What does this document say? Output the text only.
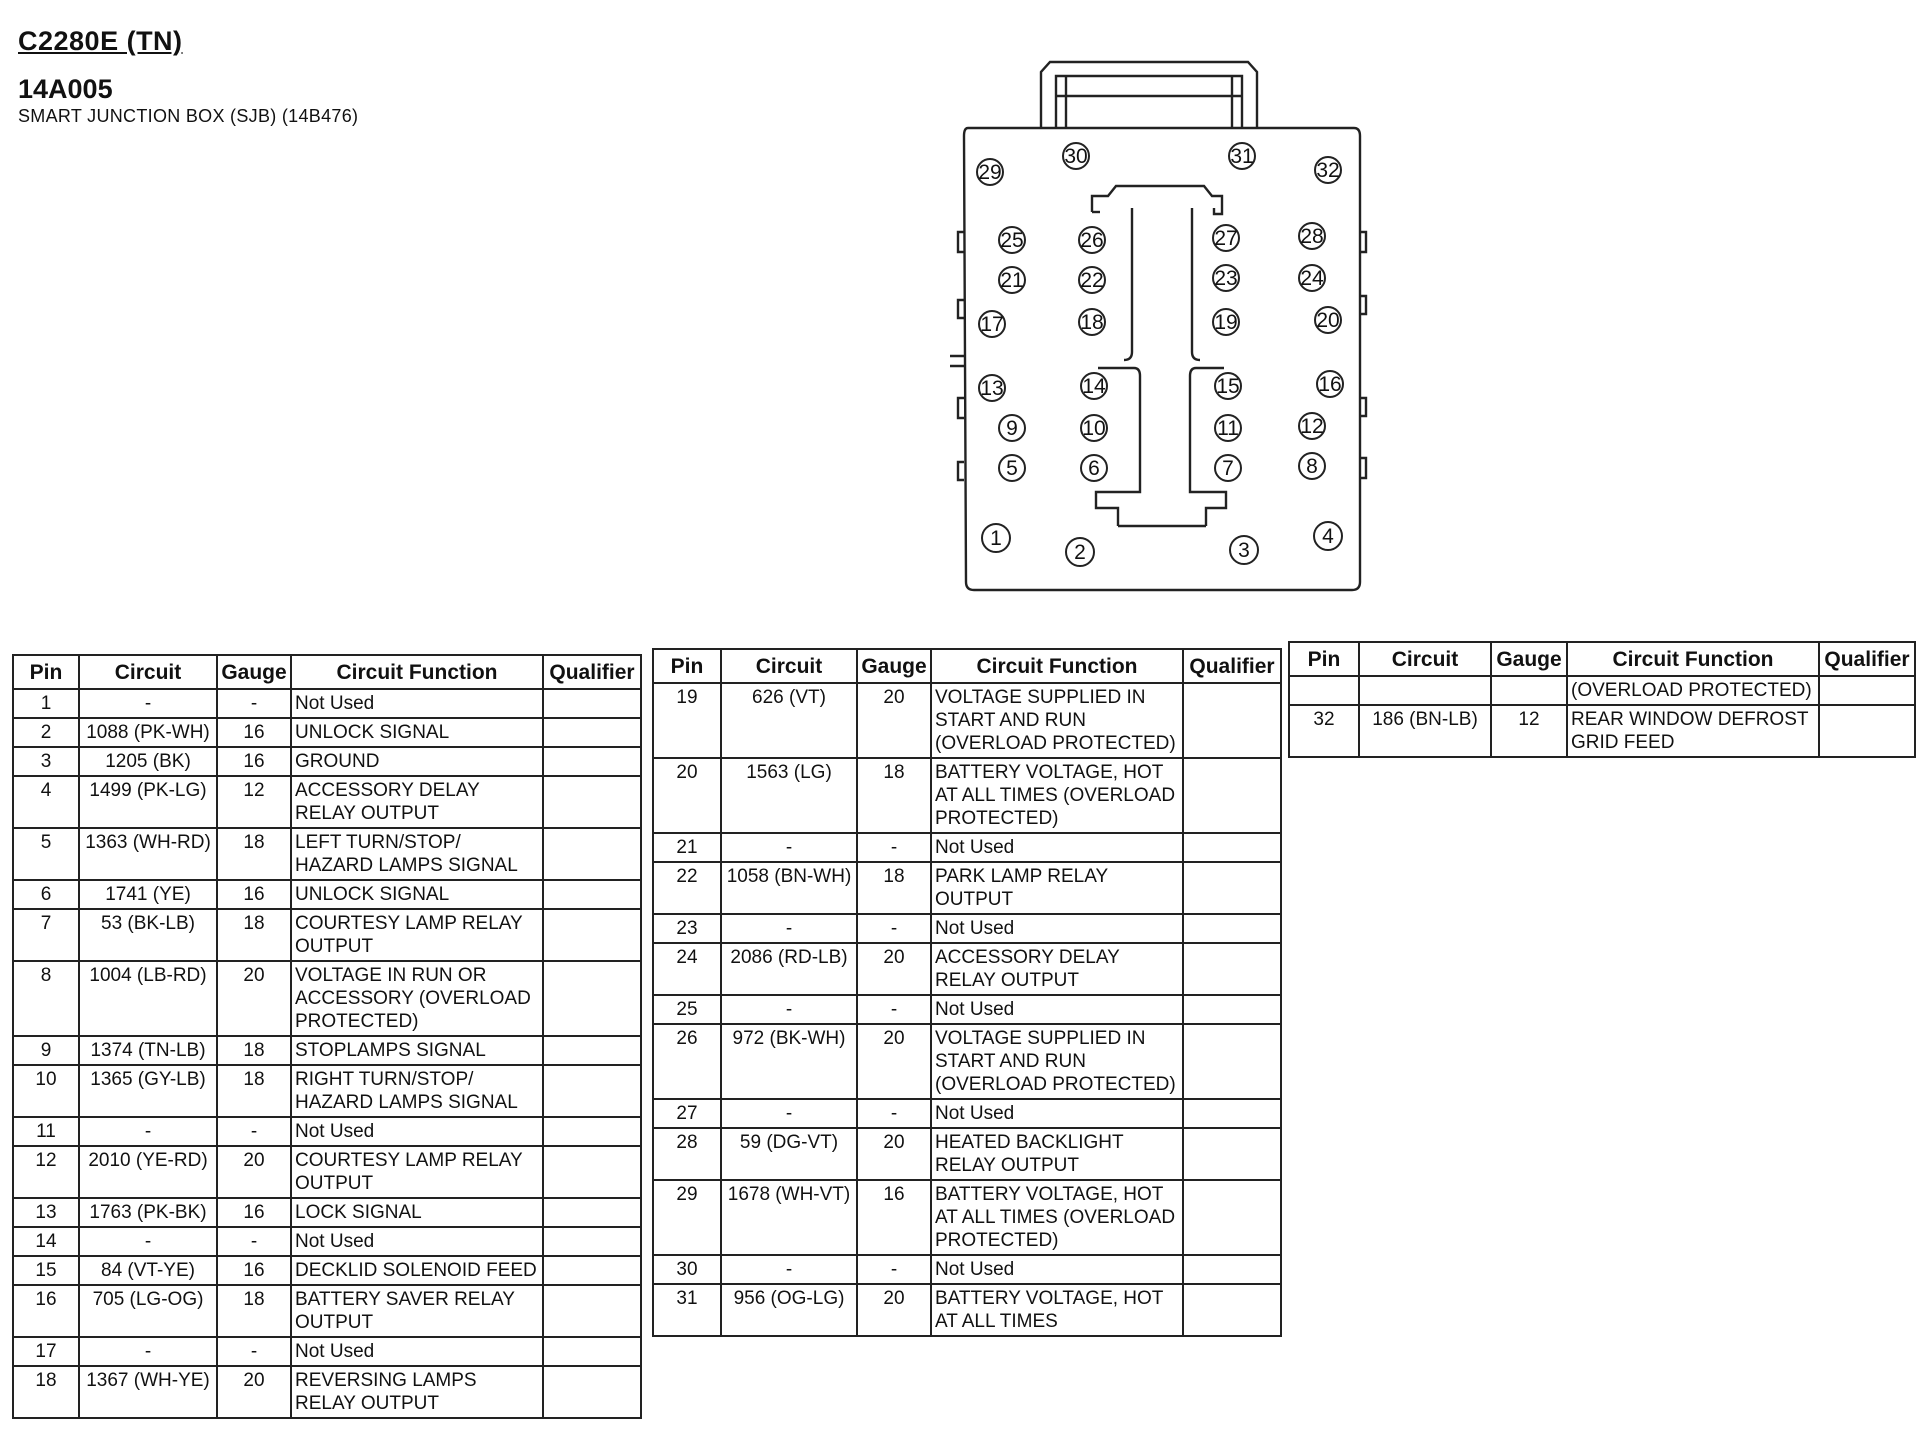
C2280E (TN)
14A005
SMART JUNCTION BOX (SJB) (14B476)
29
30	31
32
25	26	27	28
21	22	23	24
17	18	19	20
13	14	15	16
9	10	11	12
5	6	7	8
1
2	3
4
Pin	Circuit	Gauge	Circuit Function	Qualifier
1	-	-	Not Used	
2	1088 (PK-WH)	16	UNLOCK SIGNAL	
3	1205 (BK)	16	GROUND	
4	1499 (PK-LG)	12	ACCESSORY DELAY RELAY OUTPUT	
5	1363 (WH-RD)	18	LEFT TURN/STOP/ HAZARD LAMPS SIGNAL	
6	1741 (YE)	16	UNLOCK SIGNAL	
7	53 (BK-LB)	18	COURTESY LAMP RELAY OUTPUT	
8	1004 (LB-RD)	20	VOLTAGE IN RUN OR ACCESSORY (OVERLOAD PROTECTED)	
9	1374 (TN-LB)	18	STOPLAMPS SIGNAL	
10	1365 (GY-LB)	18	RIGHT TURN/STOP/ HAZARD LAMPS SIGNAL	
11	-	-	Not Used	
12	2010 (YE-RD)	20	COURTESY LAMP RELAY OUTPUT	
13	1763 (PK-BK)	16	LOCK SIGNAL	
14	-	-	Not Used	
15	84 (VT-YE)	16	DECKLID SOLENOID FEED	
16	705 (LG-OG)	18	BATTERY SAVER RELAY OUTPUT	
17	-	-	Not Used	
18	1367 (WH-YE)	20	REVERSING LAMPS RELAY OUTPUT	
Pin	Circuit	Gauge	Circuit Function	Qualifier
19	626 (VT)	20	VOLTAGE SUPPLIED IN START AND RUN (OVERLOAD PROTECTED)	
20	1563 (LG)	18	BATTERY VOLTAGE, HOT AT ALL TIMES (OVERLOAD PROTECTED)	
21	-	-	Not Used	
22	1058 (BN-WH)	18	PARK LAMP RELAY OUTPUT	
23	-	-	Not Used	
24	2086 (RD-LB)	20	ACCESSORY DELAY RELAY OUTPUT	
25	-	-	Not Used	
26	972 (BK-WH)	20	VOLTAGE SUPPLIED IN START AND RUN (OVERLOAD PROTECTED)	
27	-	-	Not Used	
28	59 (DG-VT)	20	HEATED BACKLIGHT RELAY OUTPUT	
29	1678 (WH-VT)	16	BATTERY VOLTAGE, HOT AT ALL TIMES (OVERLOAD PROTECTED)	
30	-	-	Not Used	
31	956 (OG-LG)	20	BATTERY VOLTAGE, HOT AT ALL TIMES	
Pin	Circuit	Gauge	Circuit Function	Qualifier
			(OVERLOAD PROTECTED)	
32	186 (BN-LB)	12	REAR WINDOW DEFROST GRID FEED	
